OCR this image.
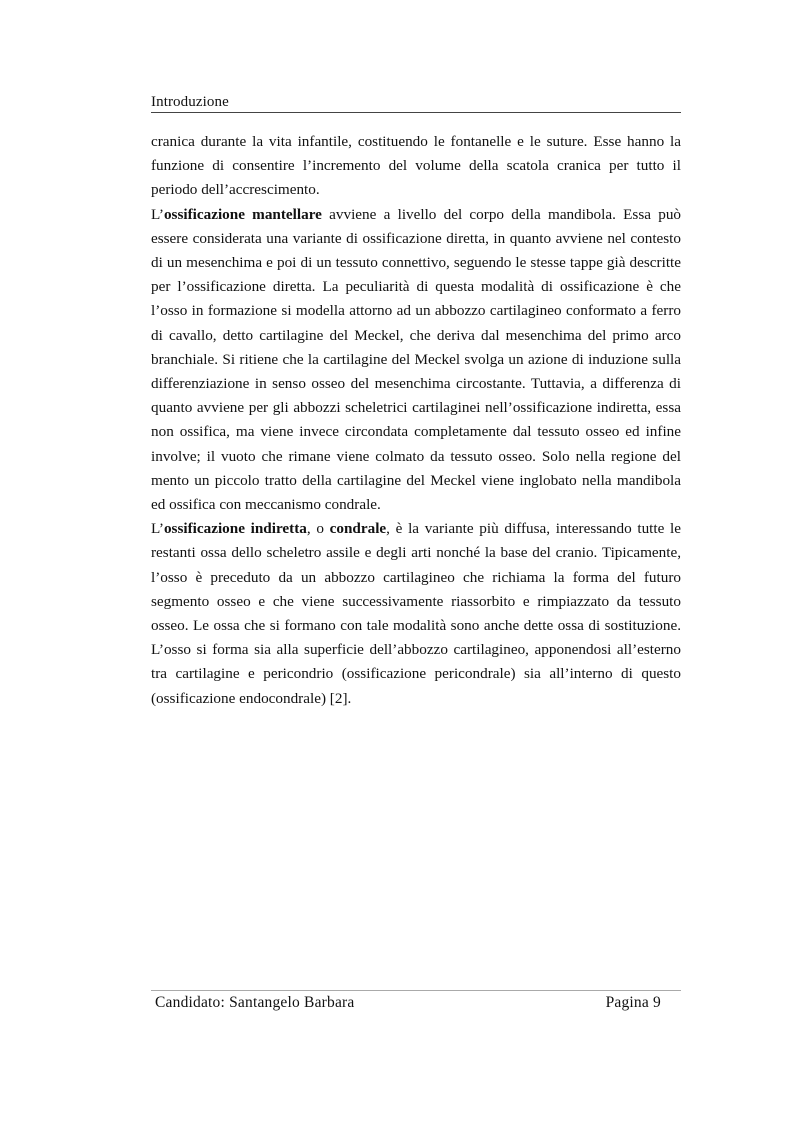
Introduzione

cranica durante la vita infantile, costituendo le fontanelle e le suture. Esse hanno la funzione di consentire l’incremento del volume della scatola cranica per tutto il periodo dell’accrescimento.

L’ossificazione mantellare avviene a livello del corpo della mandibola. Essa può essere considerata una variante di ossificazione diretta, in quanto avviene nel contesto di un mesenchima e poi di un tessuto connettivo, seguendo le stesse tappe già descritte per l’ossificazione diretta. La peculiarità di questa modalità di ossificazione è che l’osso in formazione si modella attorno ad un abbozzo cartilagineo conformato a ferro di cavallo, detto cartilagine del Meckel, che deriva dal mesenchima del primo arco branchiale. Si ritiene che la cartilagine del Meckel svolga un azione di induzione sulla differenziazione in senso osseo del mesenchima circostante. Tuttavia, a differenza di quanto avviene per gli abbozzi scheletrici cartilaginei nell’ossificazione indiretta, essa non ossifica, ma viene invece circondata completamente dal tessuto osseo ed infine involve; il vuoto che rimane viene colmato da tessuto osseo. Solo nella regione del mento un piccolo tratto della cartilagine del Meckel viene inglobato nella mandibola ed ossifica con meccanismo condrale.

L’ossificazione indiretta, o condrale, è la variante più diffusa, interessando tutte le restanti ossa dello scheletro assile e degli arti nonché la base del cranio. Tipicamente, l’osso è preceduto da un abbozzo cartilagineo che richiama la forma del futuro segmento osseo e che viene successivamente riassorbito e rimpiazzato da tessuto osseo. Le ossa che si formano con tale modalità sono anche dette ossa di sostituzione. L’osso si forma sia alla superficie dell’abbozzo cartilagineo, apponendosi all’esterno tra cartilagine e pericondrio (ossificazione pericondrale) sia all’interno di questo (ossificazione endocondrale) [2].

Candidato: Santangelo Barbara	Pagina 9
